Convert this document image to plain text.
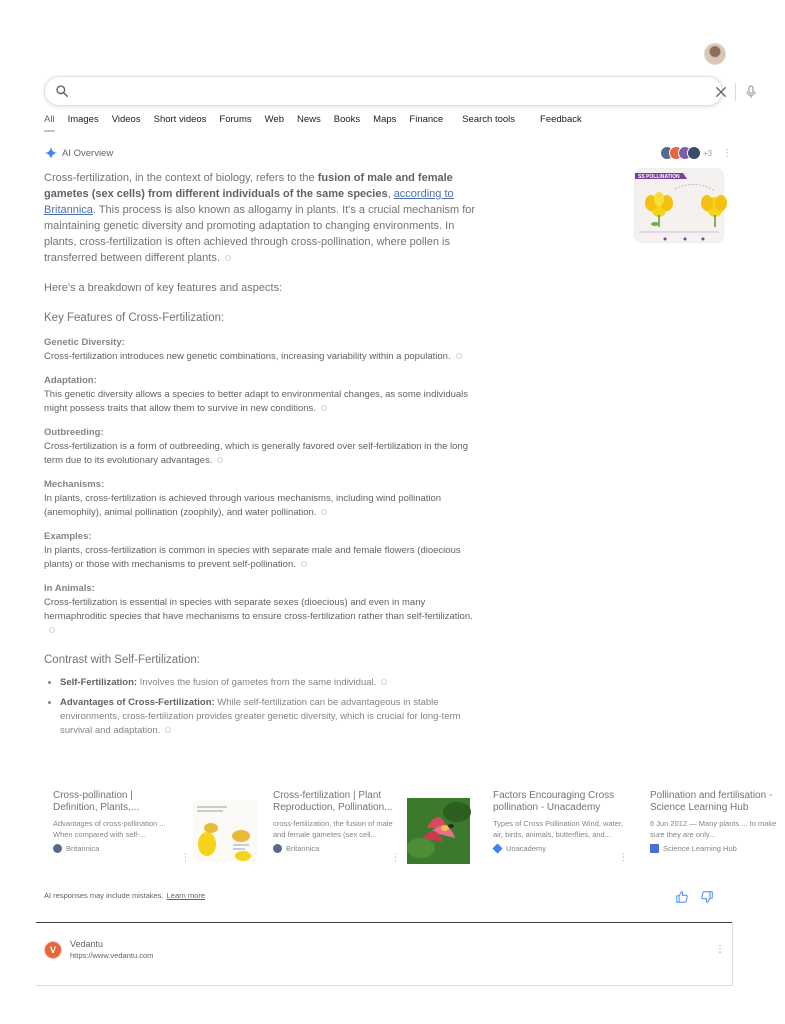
All Images Videos Short videos Forums Web News Books Maps Finance Search tools	Feedback
AI Overview	+3 ⋮
SS POLLINATION

Cross-fertilization, in the context of biology, refers to the fusion of male and female gametes (sex cells) from different individuals of the same species, according to Britannica. This process is also known as allogamy in plants. It's a crucial mechanism for maintaining genetic diversity and promoting adaptation to changing environments. In plants, cross-fertilization is often achieved through cross-pollination, where pollen is transferred between different plants.

Here's a breakdown of key features and aspects:

Key Features of Cross-Fertilization:

Genetic Diversity:

Cross-fertilization introduces new genetic combinations, increasing variability within a population.

Adaptation:

This genetic diversity allows a species to better adapt to environmental changes, as some individuals might possess traits that allow them to survive in new conditions.

Outbreeding:

Cross-fertilization is a form of outbreeding, which is generally favored over self-fertilization in the long term due to its evolutionary advantages.

Mechanisms:

In plants, cross-fertilization is achieved through various mechanisms, including wind pollination (anemophily), animal pollination (zoophily), and water pollination.

Examples:

In plants, cross-fertilization is common in species with separate male and female flowers (dioecious plants) or those with mechanisms to prevent self-pollination.

In Animals:

Cross-fertilization is essential in species with separate sexes (dioecious) and even in many hermaphroditic species that have mechanisms to ensure cross-fertilization rather than self-fertilization.

Contrast with Self-Fertilization:

• Self-Fertilization: Involves the fusion of gametes from the same individual.
• Advantages of Cross-Fertilization: While self-fertilization can be advantageous in stable environments, cross-fertilization provides greater genetic diversity, which is crucial for long-term survival and adaptation.

Cross-pollination | Definition, Plants,...

Advantages of cross-pollination ... When compared with self-...

Britannica
⋮

Cross-fertilization | Plant Reproduction, Pollination...

cross-fertilization, the fusion of male and female gametes (sex cell...

Britannica
⋮

Factors Encouraging Cross pollination - Unacademy

Types of Cross Pollination Wind, water, air, birds, animals, butterflies, and...

Unacademy
⋮

Pollination and fertilisation - Science Learning Hub

6 Jun 2012 — Many plants ... to make sure they are only...

Science Learning Hub
AI responses may include mistakes. Learn more
V

Vedantu

https://www.vedantu.com

⋮
